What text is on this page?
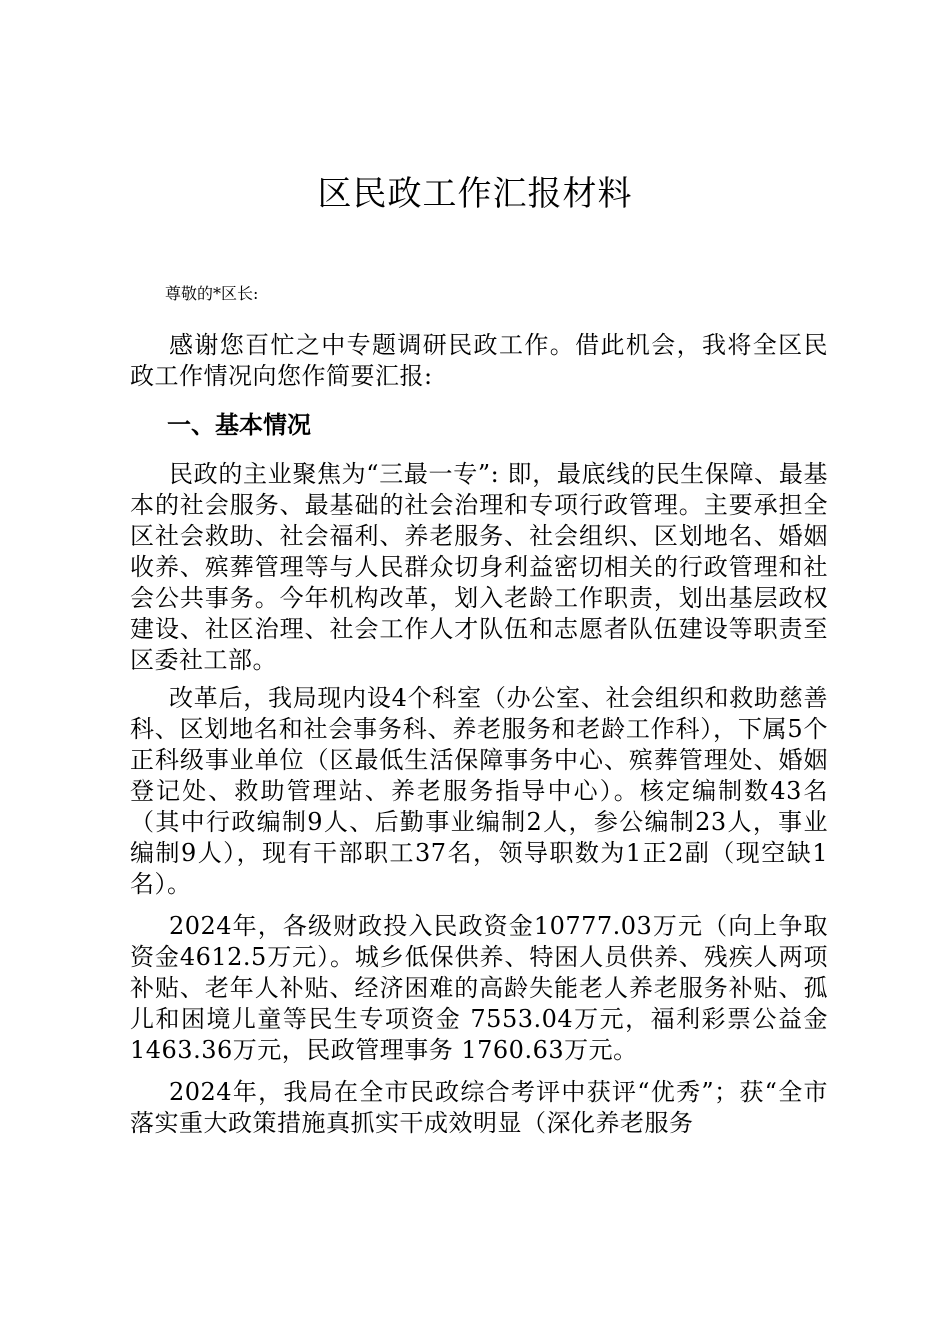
区民政工作汇报材料

尊敬的*区长:

感谢您百忙之中专题调研民政工作。借此机会，我将全区民政工作情况向您作简要汇报:

一、基本情况

民政的主业聚焦为“三最一专”: 即，最底线的民生保障、最基本的社会服务、最基础的社会治理和专项行政管理。主要承担全区社会救助、社会福利、养老服务、社会组织、区划地名、婚姻收养、殡葬管理等与人民群众切身利益密切相关的行政管理和社会公共事务。今年机构改革，划入老龄工作职责，划出基层政权建设、社区治理、社会工作人才队伍和志愿者队伍建设等职责至区委社工部。

改革后，我局现内设4个科室（办公室、社会组织和救助慈善科、区划地名和社会事务科、养老服务和老龄工作科），下属5个正科级事业单位（区最低生活保障事务中心、殡葬管理处、婚姻登记处、救助管理站、养老服务指导中心）。核定编制数43名（其中行政编制9人、后勤事业编制2人，参公编制23人，事业编制9人），现有干部职工37名，领导职数为1正2副（现空缺1名）。

2024年，各级财政投入民政资金10777.03万元（向上争取资金4612.5万元）。城乡低保供养、特困人员供养、残疾人两项补贴、老年人补贴、经济困难的高龄失能老人养老服务补贴、孤儿和困境儿童等民生专项资金 7553.04万元，福利彩票公益金 1463.36万元，民政管理事务 1760.63万元。

2024年，我局在全市民政综合考评中获评“优秀”；获“全市落实重大政策措施真抓实干成效明显（深化养老服务
